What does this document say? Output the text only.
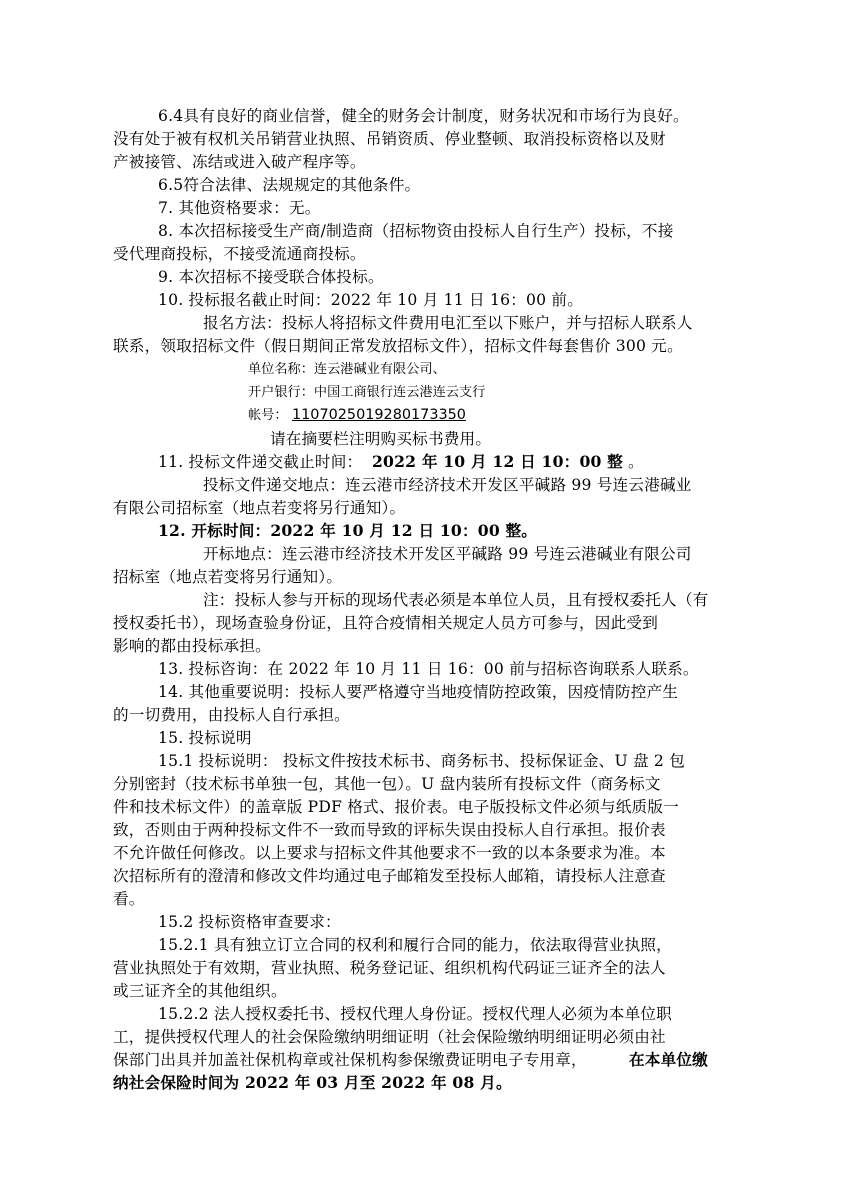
6.4具有良好的商业信誉，健全的财务会计制度，财务状况和市场行为良好。
没有处于被有权机关吊销营业执照、吊销资质、停业整顿、取消投标资格以及财
产被接管、冻结或进入破产程序等。
6.5符合法律、法规规定的其他条件。
7. 其他资格要求：无。
8. 本次招标接受生产商/制造商（招标物资由投标人自行生产）投标，不接
受代理商投标，不接受流通商投标。
9. 本次招标不接受联合体投标。
10. 投标报名截止时间：2022 年 10 月 11 日 16：00 前。
报名方法：投标人将招标文件费用电汇至以下账户，并与招标人联系人
联系，领取招标文件（假日期间正常发放招标文件），招标文件每套售价 300 元。
单位名称：连云港碱业有限公司、
开户银行：中国工商银行连云港连云支行
帐号： 1107025019280173350
请在摘要栏注明购买标书费用。
11. 投标文件递交截止时间： 2022 年 10 月 12 日 10：00 整 。
投标文件递交地点：连云港市经济技术开发区平碱路 99 号连云港碱业
有限公司招标室（地点若变将另行通知）。
12. 开标时间：2022 年 10 月 12 日 10：00 整。
开标地点：连云港市经济技术开发区平碱路 99 号连云港碱业有限公司
招标室（地点若变将另行通知）。
注：投标人参与开标的现场代表必须是本单位人员，且有授权委托人（有
授权委托书），现场查验身份证，且符合疫情相关规定人员方可参与，因此受到
影响的都由投标承担。
13. 投标咨询：在 2022 年 10 月 11 日 16：00 前与招标咨询联系人联系。
14. 其他重要说明：投标人要严格遵守当地疫情防控政策，因疫情防控产生
的一切费用，由投标人自行承担。
15. 投标说明
15.1 投标说明： 投标文件按技术标书、商务标书、投标保证金、U 盘 2 包
分别密封（技术标书单独一包，其他一包）。U 盘内装所有投标文件（商务标文
件和技术标文件）的盖章版 PDF 格式、报价表。电子版投标文件必须与纸质版一
致，否则由于两种投标文件不一致而导致的评标失误由投标人自行承担。报价表
不允许做任何修改。以上要求与招标文件其他要求不一致的以本条要求为准。本
次招标所有的澄清和修改文件均通过电子邮箱发至投标人邮箱，请投标人注意查
看。
15.2 投标资格审查要求：
15.2.1 具有独立订立合同的权利和履行合同的能力，依法取得营业执照，
营业执照处于有效期，营业执照、税务登记证、组织机构代码证三证齐全的法人
或三证齐全的其他组织。
15.2.2 法人授权委托书、授权代理人身份证。授权代理人必须为本单位职
工，提供授权代理人的社会保险缴纳明细证明（社会保险缴纳明细证明必须由社
保部门出具并加盖社保机构章或社保机构参保缴费证明电子专用章，	在本单位缴
纳社会保险时间为 2022 年 03 月至 2022 年 08 月。
